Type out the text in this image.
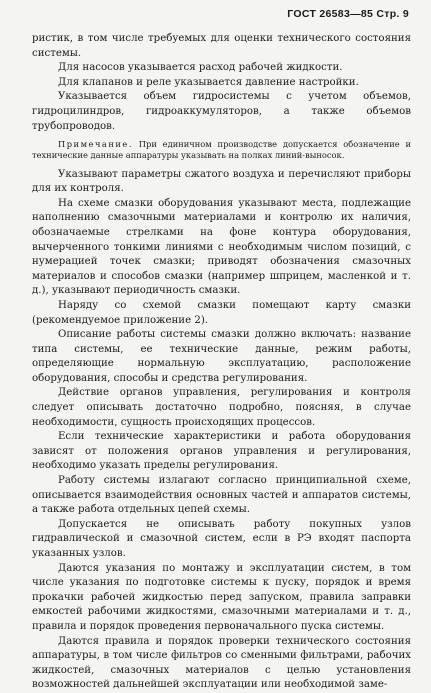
ГОСТ 26583—85 Стр. 9

ристик, в том числе требуемых для оценки технического состояния системы.

Для насосов указывается расход рабочей жидкости.

Для клапанов и реле указывается давление настройки.

Указывается объем гидросистемы с учетом объемов, гидроцилиндров, гидроаккумуляторов, а также объемов трубопроводов.

Примечание. При единичном производстве допускается обозначение и технические данные аппаратуры указывать на полках линий-выносок.

Указывают параметры сжатого воздуха и перечисляют приборы для их контроля.

На схеме смазки оборудования указывают места, подлежащие наполнению смазочными материалами и контролю их наличия, обозначаемые стрелками на фоне контура оборудования, вычерченного тонкими линиями с необходимым числом позиций, с нумерацией точек смазки; приводят обозначения смазочных материалов и способов смазки (например шприцем, масленкой и т. д.), указывают периодичность смазки.

Наряду со схемой смазки помещают карту смазки (рекомендуемое приложение 2).

Описание работы системы смазки должно включать: название типа системы, ее технические данные, режим работы, определяющие нормальную эксплуатацию, расположение оборудования, способы и средства регулирования.

Действие органов управления, регулирования и контроля следует описывать достаточно подробно, поясняя, в случае необходимости, сущность происходящих процессов.

Если технические характеристики и работа оборудования зависят от положения органов управления и регулирования, необходимо указать пределы регулирования.

Работу системы излагают согласно принципиальной схеме, описывается взаимодействия основных частей и аппаратов системы, а также работа отдельных цепей схемы.

Допускается не описывать работу покупных узлов гидравлической и смазочной систем, если в РЭ входят паспорта указанных узлов.

Даются указания по монтажу и эксплуатации систем, в том числе указания по подготовке системы к пуску, порядок и время прокачки рабочей жидкостью перед запуском, правила заправки емкостей рабочими жидкостями, смазочными материалами и т. д., правила и порядок проведения первоначального пуска системы.

Даются правила и порядок проверки технического состояния аппаратуры, в том числе фильтров со сменными фильтрами, рабочих жидкостей, смазочных материалов с целью установления возможностей дальнейшей эксплуатации или необходимой заме-
